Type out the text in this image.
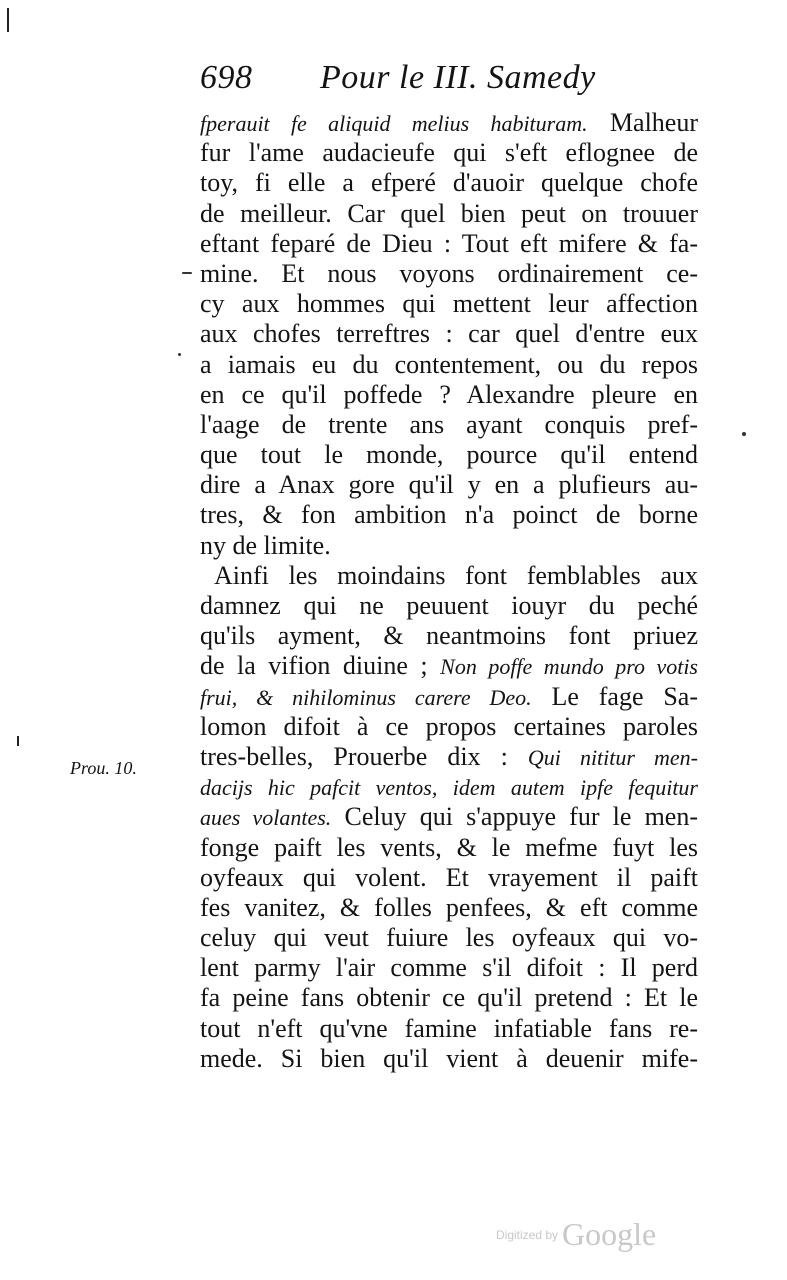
698 Pour le III. Samedy
Prou. 10.
fperauit fe aliquid melius habituram. Malheur
fur l'ame audacieufe qui s'eft eflognee de
toy, fi elle a efperé d'auoir quelque chofe
de meilleur. Car quel bien peut on trouuer
eftant feparé de Dieu : Tout eft mifere & fa-
mine. Et nous voyons ordinairement ce-
cy aux hommes qui mettent leur affection
aux chofes terreftres : car quel d'entre eux
a iamais eu du contentement, ou du repos
en ce qu'il poffede ? Alexandre pleure en
l'aage de trente ans ayant conquis pref-
que tout le monde, pource qu'il entend
dire a Anax gore qu'il y en a plufieurs au-
tres, & fon ambition n'a poinct de borne
ny de limite.
Ainfi les moindains font femblables aux
damnez qui ne peuuent iouyr du peché
qu'ils ayment, & neantmoins font priuez
de la vifion diuine ; Non poffe mundo pro votis
frui, & nihilominus carere Deo. Le fage Sa-
lomon difoit à ce propos certaines paroles
tres-belles, Prouerbe dix : Qui nititur men-
dacijs hic pafcit ventos, idem autem ipfe fequitur
aues volantes. Celuy qui s'appuye fur le men-
fonge paift les vents, & le mefme fuyt les
oyfeaux qui volent. Et vrayement il paift
fes vanitez, & folles penfees, & eft comme
celuy qui veut fuiure les oyfeaux qui vo-
lent parmy l'air comme s'il difoit : Il perd
fa peine fans obtenir ce qu'il pretend : Et le
tout n'eft qu'vne famine infatiable fans re-
mede. Si bien qu'il vient à deuenir mife-
Digitized by Google
